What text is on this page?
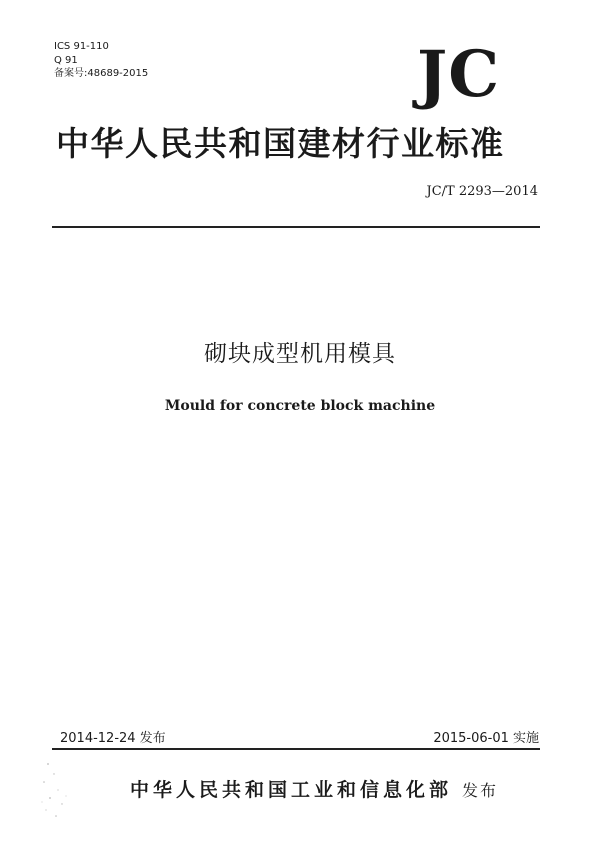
ICS 91-110
Q 91
备案号:48689-2015	JC
中华人民共和国建材行业标准
JC/T 2293—2014
砌块成型机用模具
Mould for concrete block machine
2014-12-24 发布	2015-06-01 实施
中华人民共和国工业和信息化部 发布
